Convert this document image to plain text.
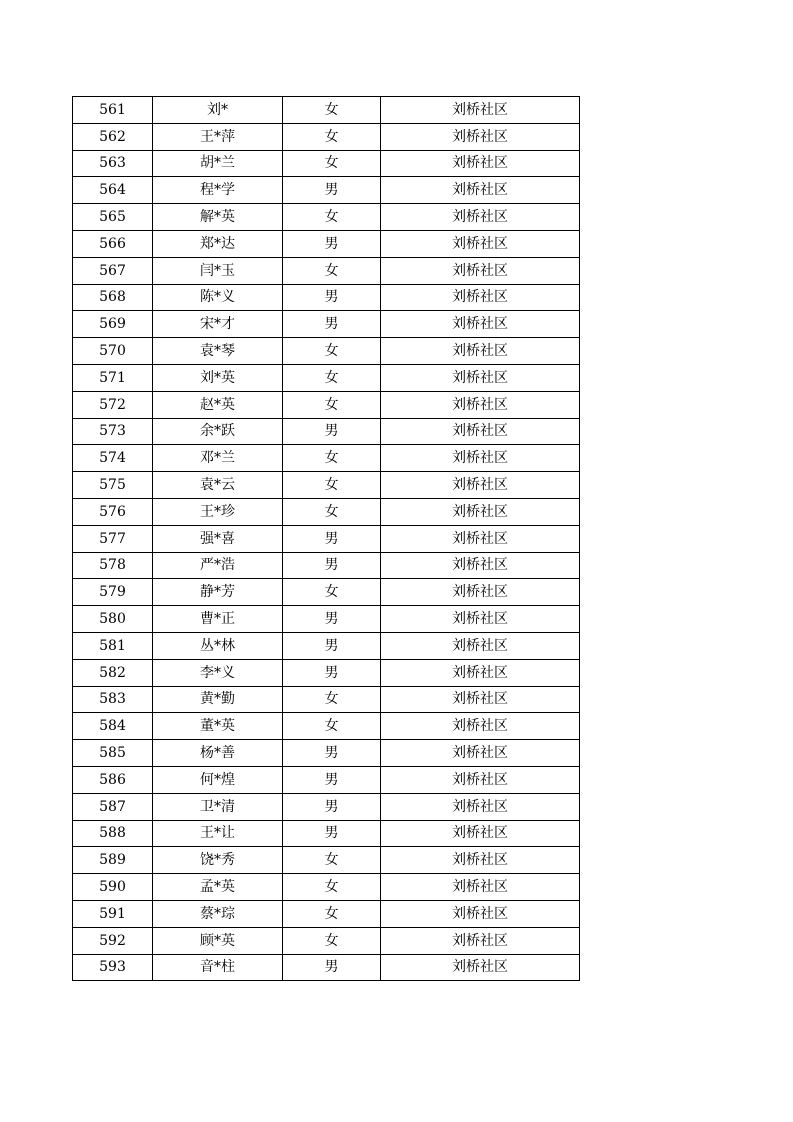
561	刘*	女	刘桥社区
562	王*萍	女	刘桥社区
563	胡*兰	女	刘桥社区
564	程*学	男	刘桥社区
565	解*英	女	刘桥社区
566	郑*达	男	刘桥社区
567	闫*玉	女	刘桥社区
568	陈*义	男	刘桥社区
569	宋*才	男	刘桥社区
570	袁*琴	女	刘桥社区
571	刘*英	女	刘桥社区
572	赵*英	女	刘桥社区
573	余*跃	男	刘桥社区
574	邓*兰	女	刘桥社区
575	袁*云	女	刘桥社区
576	王*珍	女	刘桥社区
577	强*喜	男	刘桥社区
578	严*浩	男	刘桥社区
579	静*芳	女	刘桥社区
580	曹*正	男	刘桥社区
581	丛*林	男	刘桥社区
582	李*义	男	刘桥社区
583	黄*勤	女	刘桥社区
584	董*英	女	刘桥社区
585	杨*善	男	刘桥社区
586	何*煌	男	刘桥社区
587	卫*清	男	刘桥社区
588	王*让	男	刘桥社区
589	饶*秀	女	刘桥社区
590	孟*英	女	刘桥社区
591	蔡*琮	女	刘桥社区
592	顾*英	女	刘桥社区
593	音*柱	男	刘桥社区
